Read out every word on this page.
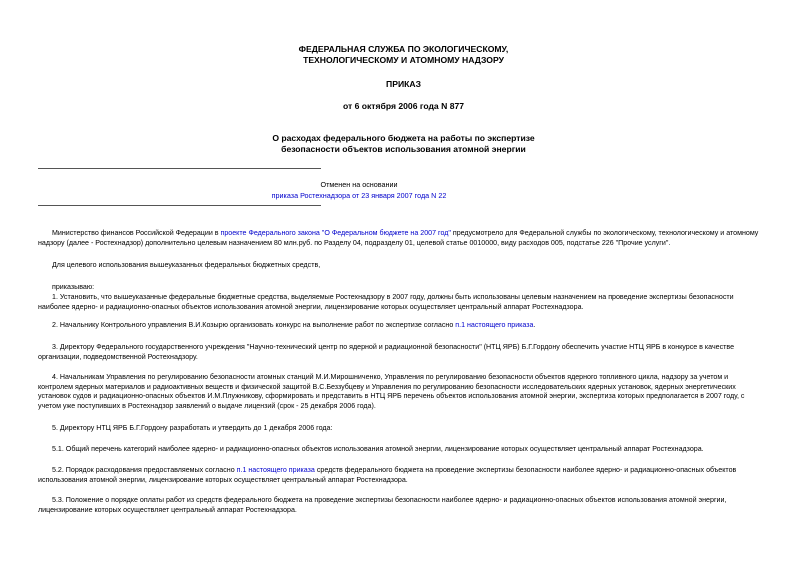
ФЕДЕРАЛЬНАЯ СЛУЖБА ПО ЭКОЛОГИЧЕСКОМУ,
ТЕХНОЛОГИЧЕСКОМУ И АТОМНОМУ НАДЗОРУ
ПРИКАЗ
от 6 октября 2006 года N 877
О расходах федерального бюджета на работы по экспертизе
безопасности объектов использования атомной энергии
Отменен на основании
приказа Ростехнадзора от 23 января 2007 года N 22
Министерство финансов Российской Федерации в проекте Федерального закона "О Федеральном бюджете на 2007 год" предусмотрело для Федеральной службы по экологическому, технологическому и атомному
надзору (далее - Ростехнадзор) дополнительно целевым назначением 80 млн.руб. по Разделу 04, подразделу 01, целевой статье 0010000, виду расходов 005, подстатье 226 "Прочие услуги".
Для целевого использования вышеуказанных федеральных бюджетных средств,
приказываю:
1. Установить, что вышеуказанные федеральные бюджетные средства, выделяемые Ростехнадзору в 2007 году, должны быть использованы целевым назначением на проведение экспертизы безопасности
наиболее ядерно- и радиационно-опасных объектов использования атомной энергии, лицензирование которых осуществляет центральный аппарат Ростехнадзора.
2. Начальнику Контрольного управления В.И.Козырю организовать конкурс на выполнение работ по экспертизе согласно п.1 настоящего приказа.
3. Директору Федерального государственного учреждения "Научно-технический центр по ядерной и радиационной безопасности" (НТЦ ЯРБ) Б.Г.Гордону обеспечить участие НТЦ ЯРБ в конкурсе в качестве
организации, подведомственной Ростехнадзору.
4. Начальникам Управления по регулированию безопасности атомных станций М.И.Мирошниченко, Управления по регулированию безопасности объектов ядерного топливного цикла, надзору за учетом и
контролем ядерных материалов и радиоактивных веществ и физической защитой В.С.Беззубцеву и Управления по регулированию безопасности исследовательских ядерных установок, ядерных энергетических
установок судов и радиационно-опасных объектов И.М.Плужникову, сформировать и представить в НТЦ ЯРБ перечень объектов использования атомной энергии, экспертиза которых предполагается в 2007 году, с
учетом уже поступивших в Ростехнадзор заявлений о выдаче лицензий (срок - 25 декабря 2006 года).
5. Директору НТЦ ЯРБ Б.Г.Гордону разработать и утвердить до 1 декабря 2006 года:
5.1. Общий перечень категорий наиболее ядерно- и радиационно-опасных объектов использования атомной энергии, лицензирование которых осуществляет центральный аппарат Ростехнадзора.
5.2. Порядок расходования предоставляемых согласно п.1 настоящего приказа средств федерального бюджета на проведение экспертизы безопасности наиболее ядерно- и радиационно-опасных объектов
использования атомной энергии, лицензирование которых осуществляет центральный аппарат Ростехнадзора.
5.3. Положение о порядке оплаты работ из средств федерального бюджета на проведение экспертизы безопасности наиболее ядерно- и радиационно-опасных объектов использования атомной энергии,
лицензирование которых осуществляет центральный аппарат Ростехнадзора.
